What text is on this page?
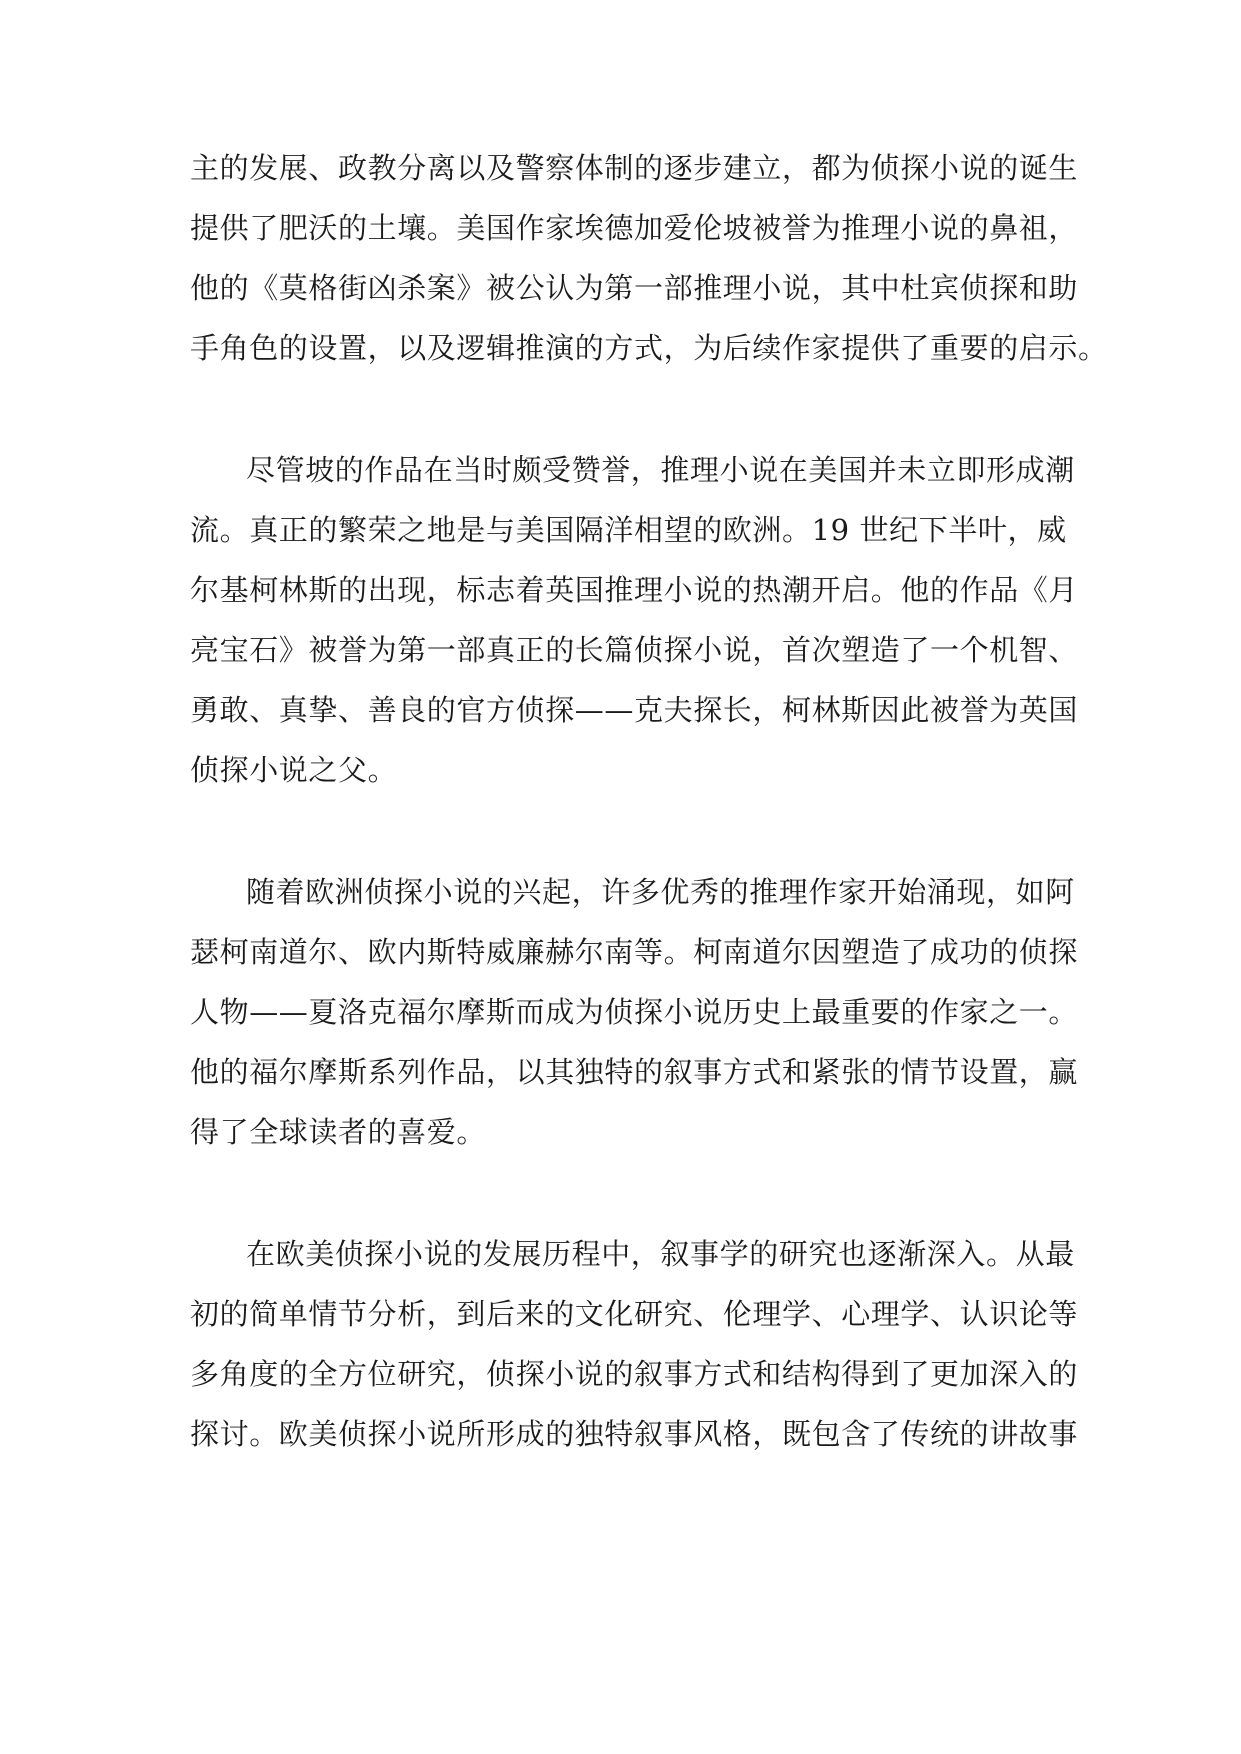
主的发展、政教分离以及警察体制的逐步建立，都为侦探小说的诞生
提供了肥沃的土壤。美国作家埃德加爱伦坡被誉为推理小说的鼻祖，
他的《莫格街凶杀案》被公认为第一部推理小说，其中杜宾侦探和助
手角色的设置，以及逻辑推演的方式，为后续作家提供了重要的启示。
尽管坡的作品在当时颇受赞誉，推理小说在美国并未立即形成潮
流。真正的繁荣之地是与美国隔洋相望的欧洲。19 世纪下半叶，威
尔基柯林斯的出现，标志着英国推理小说的热潮开启。他的作品《月
亮宝石》被誉为第一部真正的长篇侦探小说，首次塑造了一个机智、
勇敢、真挚、善良的官方侦探——克夫探长，柯林斯因此被誉为英国
侦探小说之父。
随着欧洲侦探小说的兴起，许多优秀的推理作家开始涌现，如阿
瑟柯南道尔、欧内斯特威廉赫尔南等。柯南道尔因塑造了成功的侦探
人物——夏洛克福尔摩斯而成为侦探小说历史上最重要的作家之一。
他的福尔摩斯系列作品，以其独特的叙事方式和紧张的情节设置，赢
得了全球读者的喜爱。
在欧美侦探小说的发展历程中，叙事学的研究也逐渐深入。从最
初的简单情节分析，到后来的文化研究、伦理学、心理学、认识论等
多角度的全方位研究，侦探小说的叙事方式和结构得到了更加深入的
探讨。欧美侦探小说所形成的独特叙事风格，既包含了传统的讲故事
